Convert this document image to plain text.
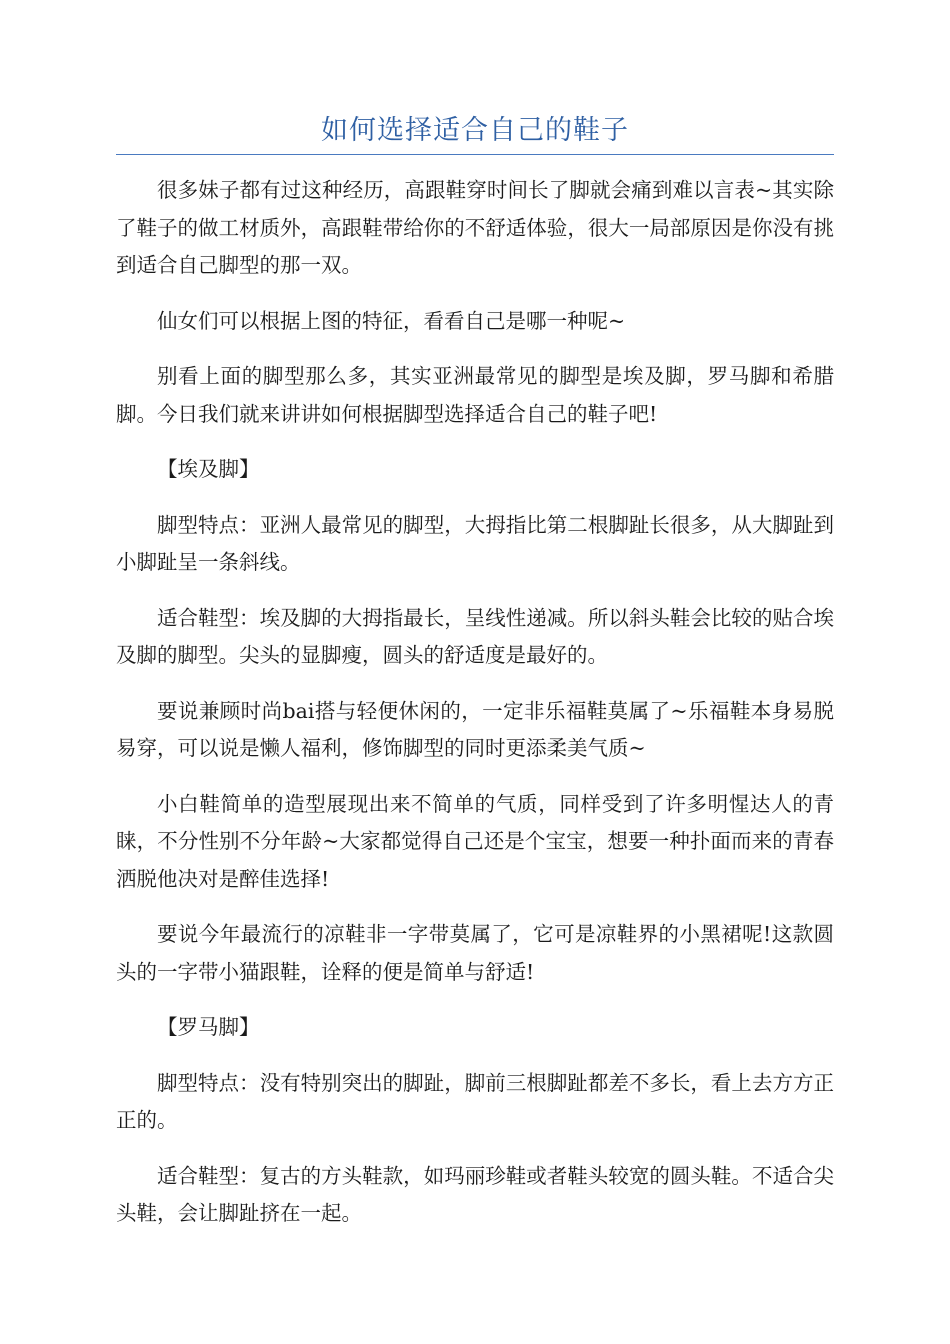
如何选择适合自己的鞋子

很多妹子都有过这种经历，高跟鞋穿时间长了脚就会痛到难以言表~其实除了鞋子的做工材质外，高跟鞋带给你的不舒适体验，很大一局部原因是你没有挑到适合自己脚型的那一双。

仙女们可以根据上图的特征，看看自己是哪一种呢~

别看上面的脚型那么多，其实亚洲最常见的脚型是埃及脚，罗马脚和希腊脚。今日我们就来讲讲如何根据脚型选择适合自己的鞋子吧!

【埃及脚】

脚型特点：亚洲人最常见的脚型，大拇指比第二根脚趾长很多，从大脚趾到小脚趾呈一条斜线。

适合鞋型：埃及脚的大拇指最长，呈线性递减。所以斜头鞋会比较的贴合埃及脚的脚型。尖头的显脚瘦，圆头的舒适度是最好的。

要说兼顾时尚bai搭与轻便休闲的，一定非乐福鞋莫属了~乐福鞋本身易脱易穿，可以说是懒人福利，修饰脚型的同时更添柔美气质~

小白鞋简单的造型展现出来不简单的气质，同样受到了许多明惺达人的青睐，不分性别不分年龄~大家都觉得自己还是个宝宝，想要一种扑面而来的青春洒脱他决对是醉佳选择!

要说今年最流行的凉鞋非一字带莫属了，它可是凉鞋界的小黑裙呢!这款圆头的一字带小猫跟鞋，诠释的便是简单与舒适!

【罗马脚】

脚型特点：没有特别突出的脚趾，脚前三根脚趾都差不多长，看上去方方正正的。

适合鞋型：复古的方头鞋款，如玛丽珍鞋或者鞋头较宽的圆头鞋。不适合尖头鞋，会让脚趾挤在一起。
